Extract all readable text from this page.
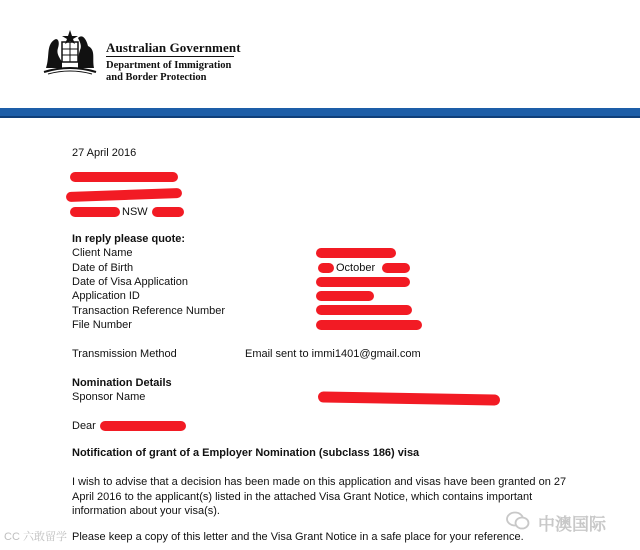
Australian Government
Department of Immigration
and Border Protection
27 April 2016
NSW
In reply please quote:
Client Name
Date of Birth
Date of Visa Application
Application ID
Transaction Reference Number
File Number
October
Transmission Method	Email sent to immi1401@gmail.com
Nomination Details
Sponsor Name
Dear
Notification of grant of a Employer Nomination (subclass 186) visa
I wish to advise that a decision has been made on this application and visas have been granted on 27 April 2016 to the applicant(s) listed in the attached Visa Grant Notice, which contains important information about your visa(s).
Please keep a copy of this letter and the Visa Grant Notice in a safe place for your reference.
CC 六敢留学
中澳国际
